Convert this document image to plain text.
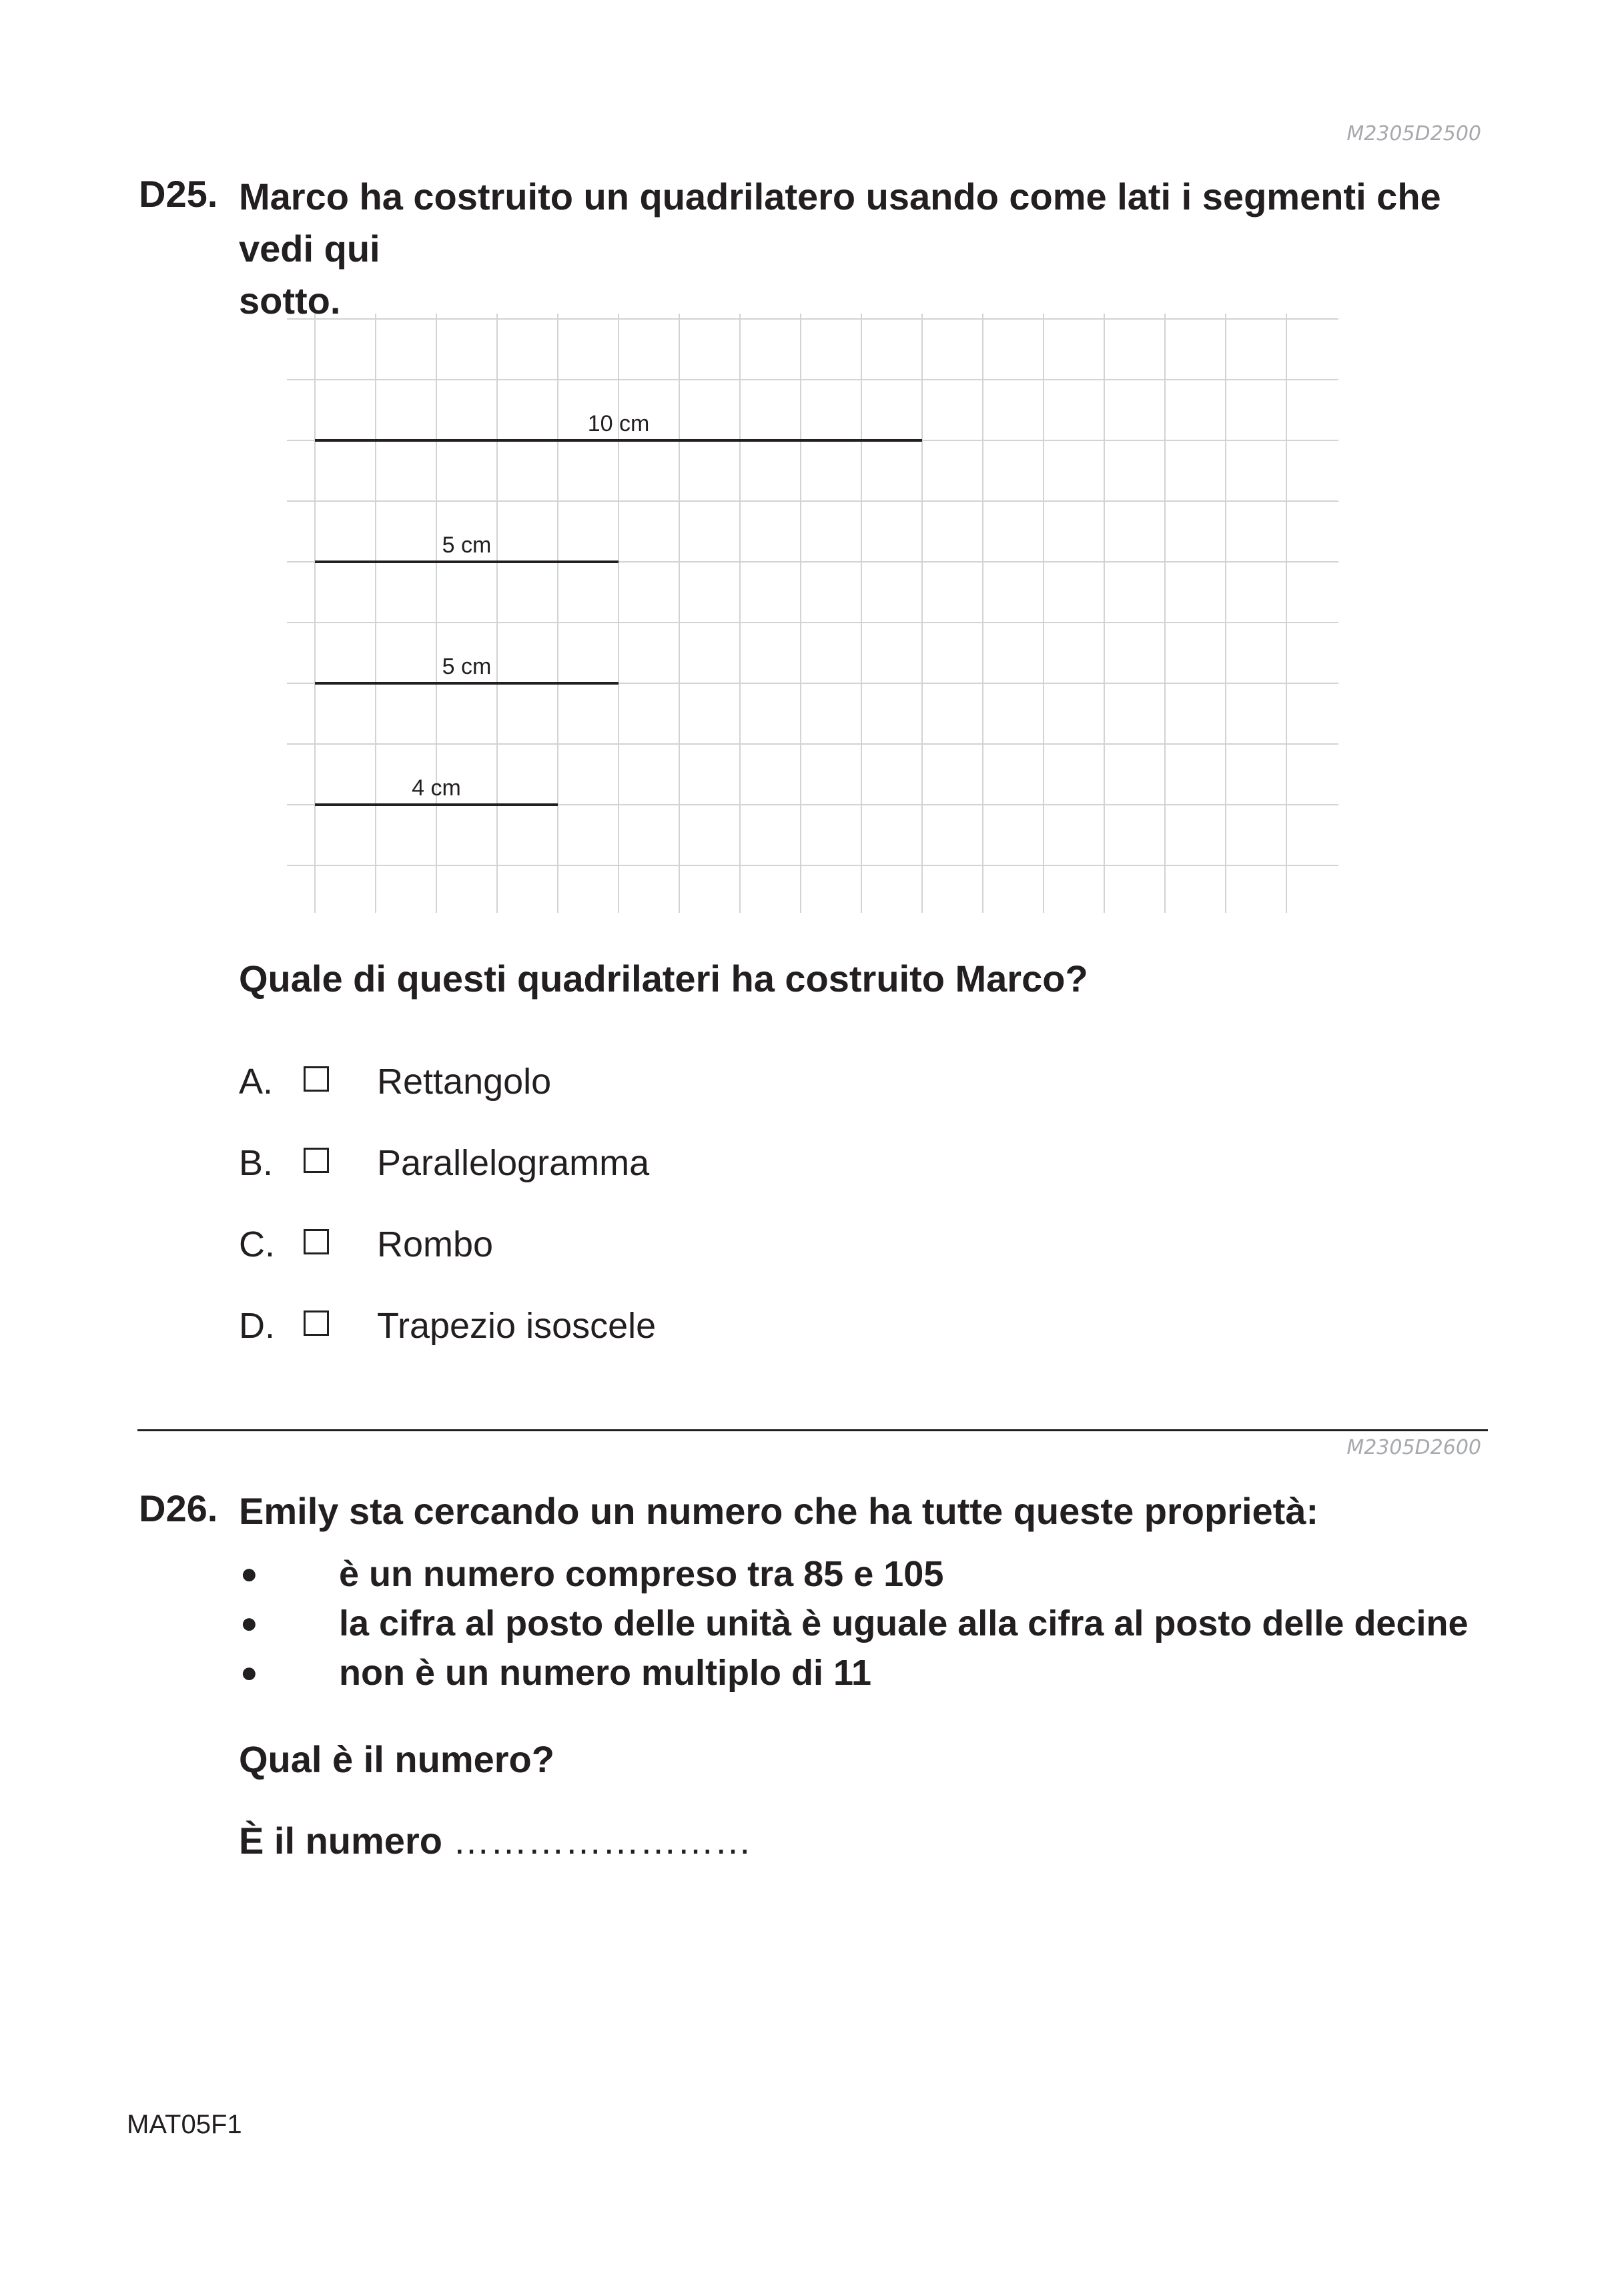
M2305D2500
D25. Marco ha costruito un quadrilatero usando come lati i segmenti che vedi qui
sotto.
10 cm
5 cm
5 cm
4 cm
Quale di questi quadrilateri ha costruito Marco?
A.	Rettangolo
B.	Parallelogramma
C.	Rombo
D.	Trapezio isoscele
M2305D2600
D26. Emily sta cercando un numero che ha tutte queste proprietà:
● è un numero compreso tra 85 e 105
● la cifra al posto delle unità è uguale alla cifra al posto delle decine
● non è un numero multiplo di 11
Qual è il numero?
È il numero ……………………
MAT05F1
